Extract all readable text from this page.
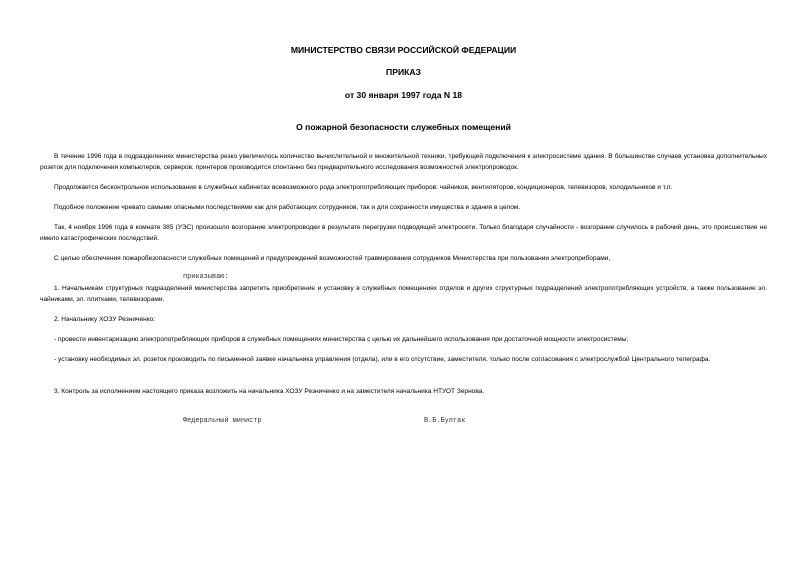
МИНИСТЕРСТВО СВЯЗИ РОССИЙСКОЙ ФЕДЕРАЦИИ
ПРИКАЗ
от 30 января 1997 года N 18
О пожарной безопасности служебных помещений

В течение 1996 года в подразделениях министерства резко увеличилось количество вычислительной и множительной техники, требующей подключения к электросистеме здания. В большинстве случаев установка дополнительных розеток для подключения компьютеров, серверов, принтеров производится спонтанно без предварительного исследования возможностей электропроводок.

Продолжается бесконтрольное использование в служебных кабинетах всевозможного рода электропотребляющих приборов: чайников, вентиляторов, кондиционеров, телевизоров, холодильников и т.п.

Подобное положение чревато самыми опасными последствиями как для работающих сотрудников, так и для сохранности имущества и здания в целом.

Так, 4 ноября 1996 года в комнате 385 (УЭС) произошло возгорание электропроводки в результате перегрузки подводящей электросети. Только благодаря случайности - возгорание случилось в рабочий день, это происшествие не имело катастрофических последствий.

С целью обеспечения пожаробезопасности служебных помещений и предупреждений возможностей травмирования сотрудников Министерства при пользовании электроприборами,

приказываю:

1. Начальникам структурных подразделений министерства запретить приобретение и установку в служебных помещениях отделов и других структурных подразделений электропотребляющих устройств, а также пользование эл. чайниками, эл. плитками, телевизорами.

2. Начальнику ХОЗУ Резниченко:

- провести инвентаризацию электропотребляющих приборов в служебных помещениях министерства с целью их дальнейшего использования при достаточной мощности электросистемы;

- установку необходимых эл. розеток производить по письменной заявке начальника управления (отдела), или в его отсутствие, заместителя, только после согласования с электрослужбой Центрального телеграфа.

3. Контроль за исполнением настоящего приказа возложить на начальника ХОЗУ Резниченко и на заместителя начальника НТУОТ Зернова.

Федеральный министр	В.Б.Булгак
